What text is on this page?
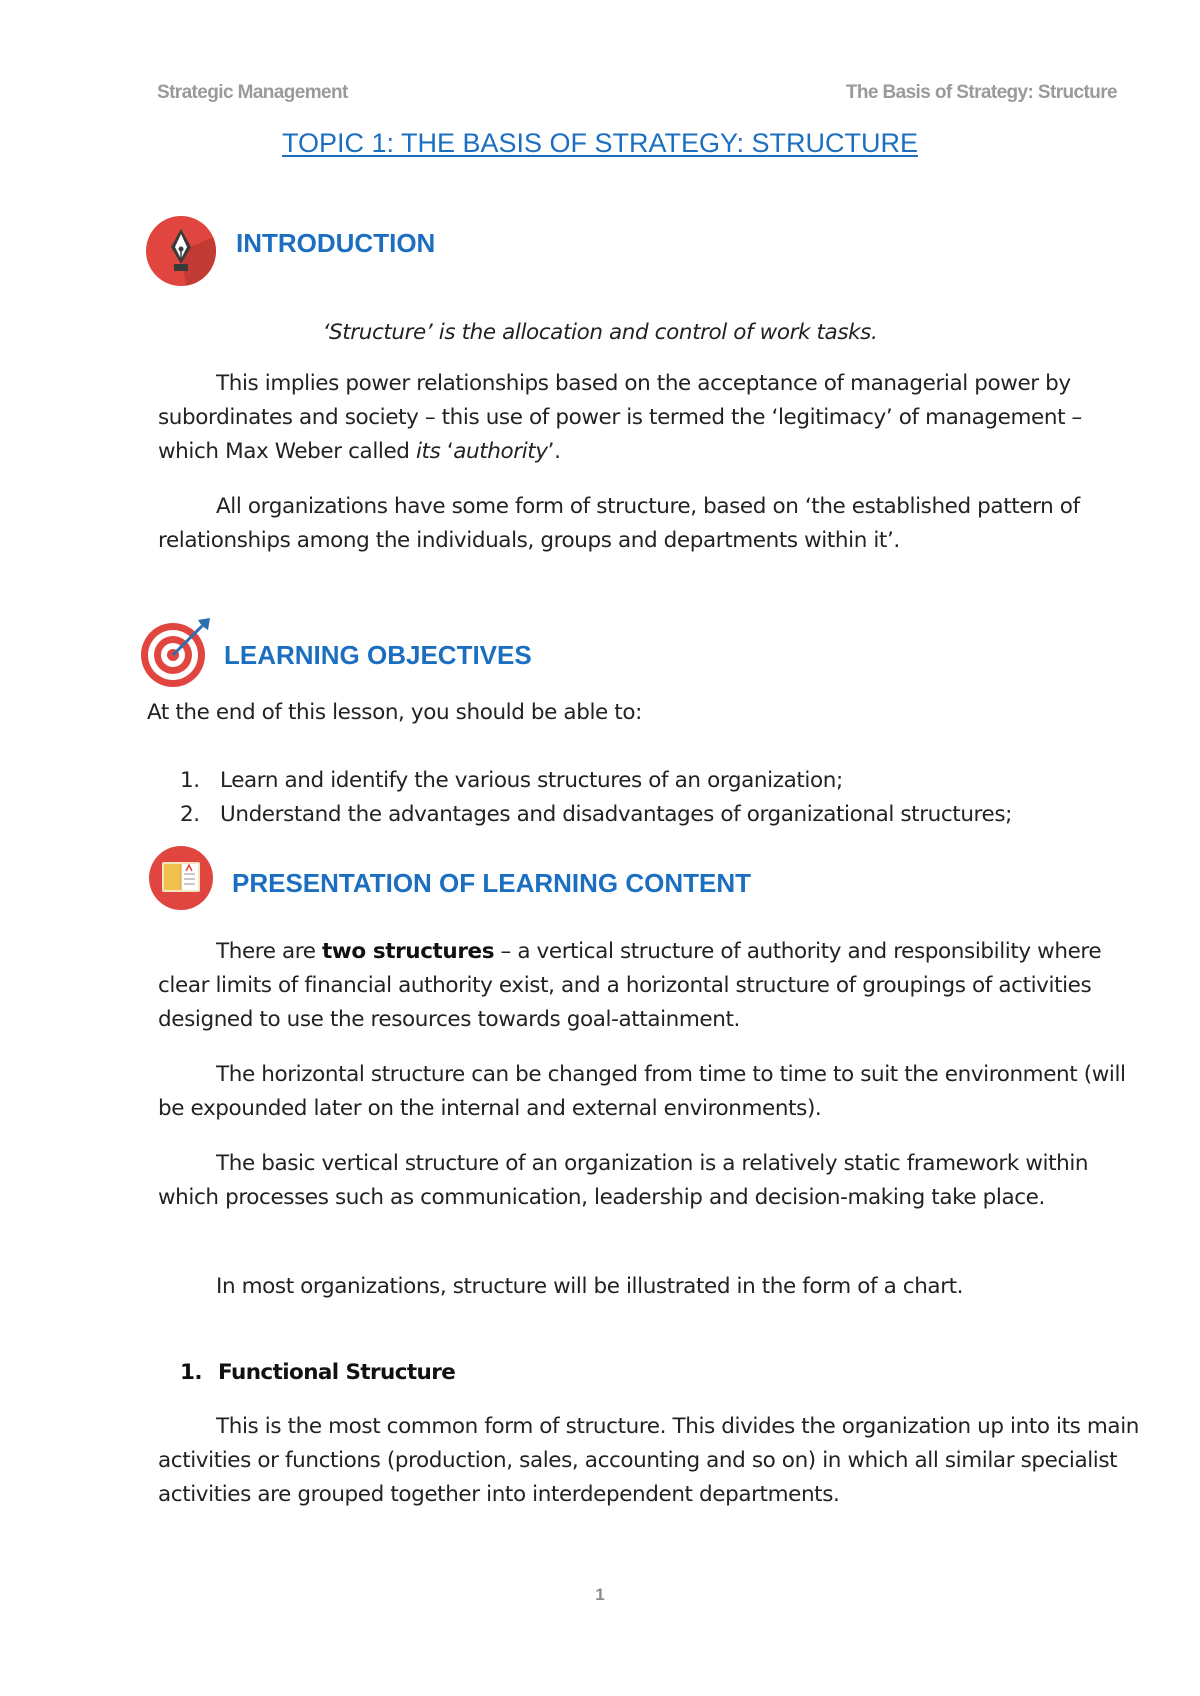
Strategic Management	The Basis of Strategy: Structure
TOPIC 1: THE BASIS OF STRATEGY: STRUCTURE
INTRODUCTION

‘Structure’ is the allocation and control of work tasks.

This implies power relationships based on the acceptance of managerial power by subordinates and society – this use of power is termed the ‘legitimacy’ of management – which Max Weber called its ‘authority’.

All organizations have some form of structure, based on ‘the established pattern of relationships among the individuals, groups and departments within it’.

LEARNING OBJECTIVES

At the end of this lesson, you should be able to:

1. Learn and identify the various structures of an organization;
2. Understand the advantages and disadvantages of organizational structures;
PRESENTATION OF LEARNING CONTENT

There are two structures – a vertical structure of authority and responsibility where clear limits of financial authority exist, and a horizontal structure of groupings of activities designed to use the resources towards goal-attainment.

The horizontal structure can be changed from time to time to suit the environment (will be expounded later on the internal and external environments).

The basic vertical structure of an organization is a relatively static framework within which processes such as communication, leadership and decision-making take place.

In most organizations, structure will be illustrated in the form of a chart.

1. Functional Structure

This is the most common form of structure. This divides the organization up into its main activities or functions (production, sales, accounting and so on) in which all similar specialist activities are grouped together into interdependent departments.

1
